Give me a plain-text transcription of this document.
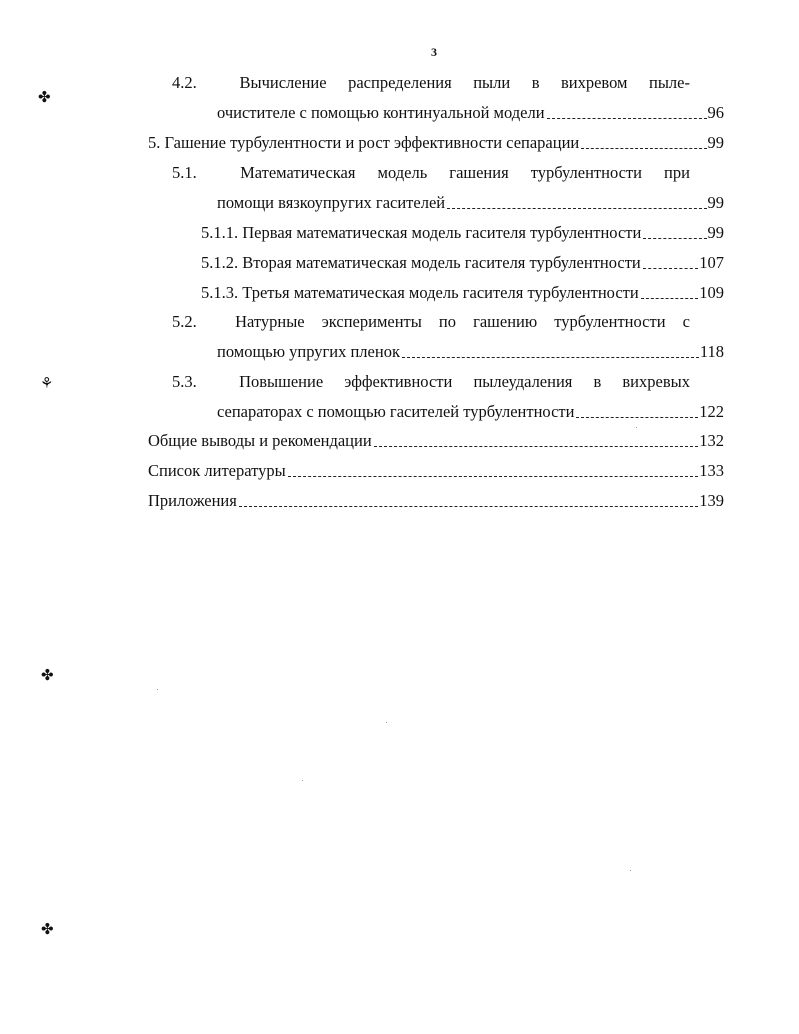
3
4.2.	Вычисление распределения пыли в вихревом пыле-
очистителе с помощью континуальной модели	96
5. Гашение турбулентности и рост эффективности сепарации	99
5.1.	Математическая модель гашения турбулентности при
помощи вязкоупругих гасителей	99
5.1.1. Первая математическая модель гасителя турбулентности	99
5.1.2. Вторая математическая модель гасителя турбулентности	107
5.1.3. Третья математическая модель гасителя турбулентности	109
5.2.	Натурные эксперименты по гашению турбулентности с
помощью упругих пленок	118
5.3.	Повышение эффективности пылеудаления в вихревых
сепараторах с помощью гасителей турбулентности	122
Общие выводы и рекомендации	132
Список литературы	133
Приложения	139
✤
⚘
✤
✤
